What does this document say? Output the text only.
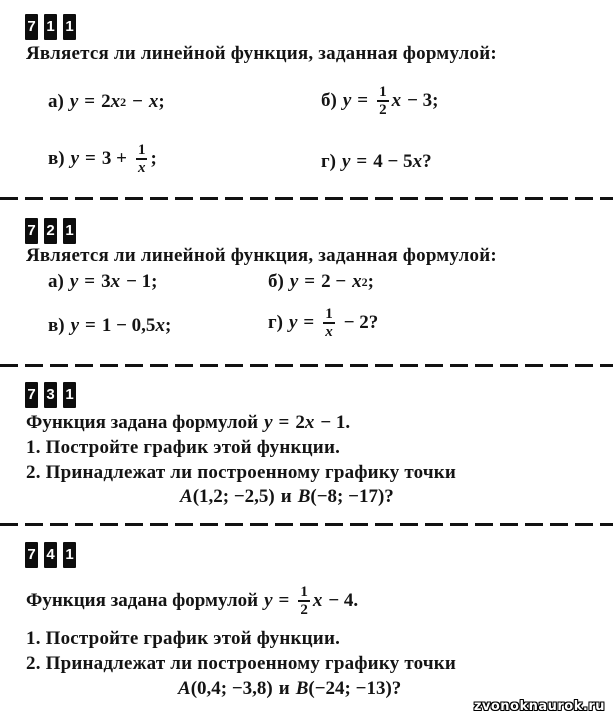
7 1 1
Является ли линейной функция, заданная формулой:
а) y = 2 x 2 − x ;	б) $y = \frac{1}{2}$ x − 3;
в) $y = 3 + \frac{1}{x}$ ;	г) y = 4 − 5 x ?
7 2 1
Является ли линейной функция, заданная формулой:
а) y = 3 x − 1;	б) y = 2 − x 2 ;
в) y = 1 − 0,5 x ;	г) $y = \frac{1}{x} - 2$?
7 3 1
Функция задана формулой y = 2 x − 1.
1. Постройте график этой функции.
2. Принадлежат ли построенному графику точки
A (1,2; −2,5) и B (−8; −17)?
7 4 1
Функция задана формулой $y = \frac{1}{2}$ x − 4.
1. Постройте график этой функции.
2. Принадлежат ли построенному графику точки
A (0,4; −3,8) и B (−24; −13)?
zvonoknaurok.ru
